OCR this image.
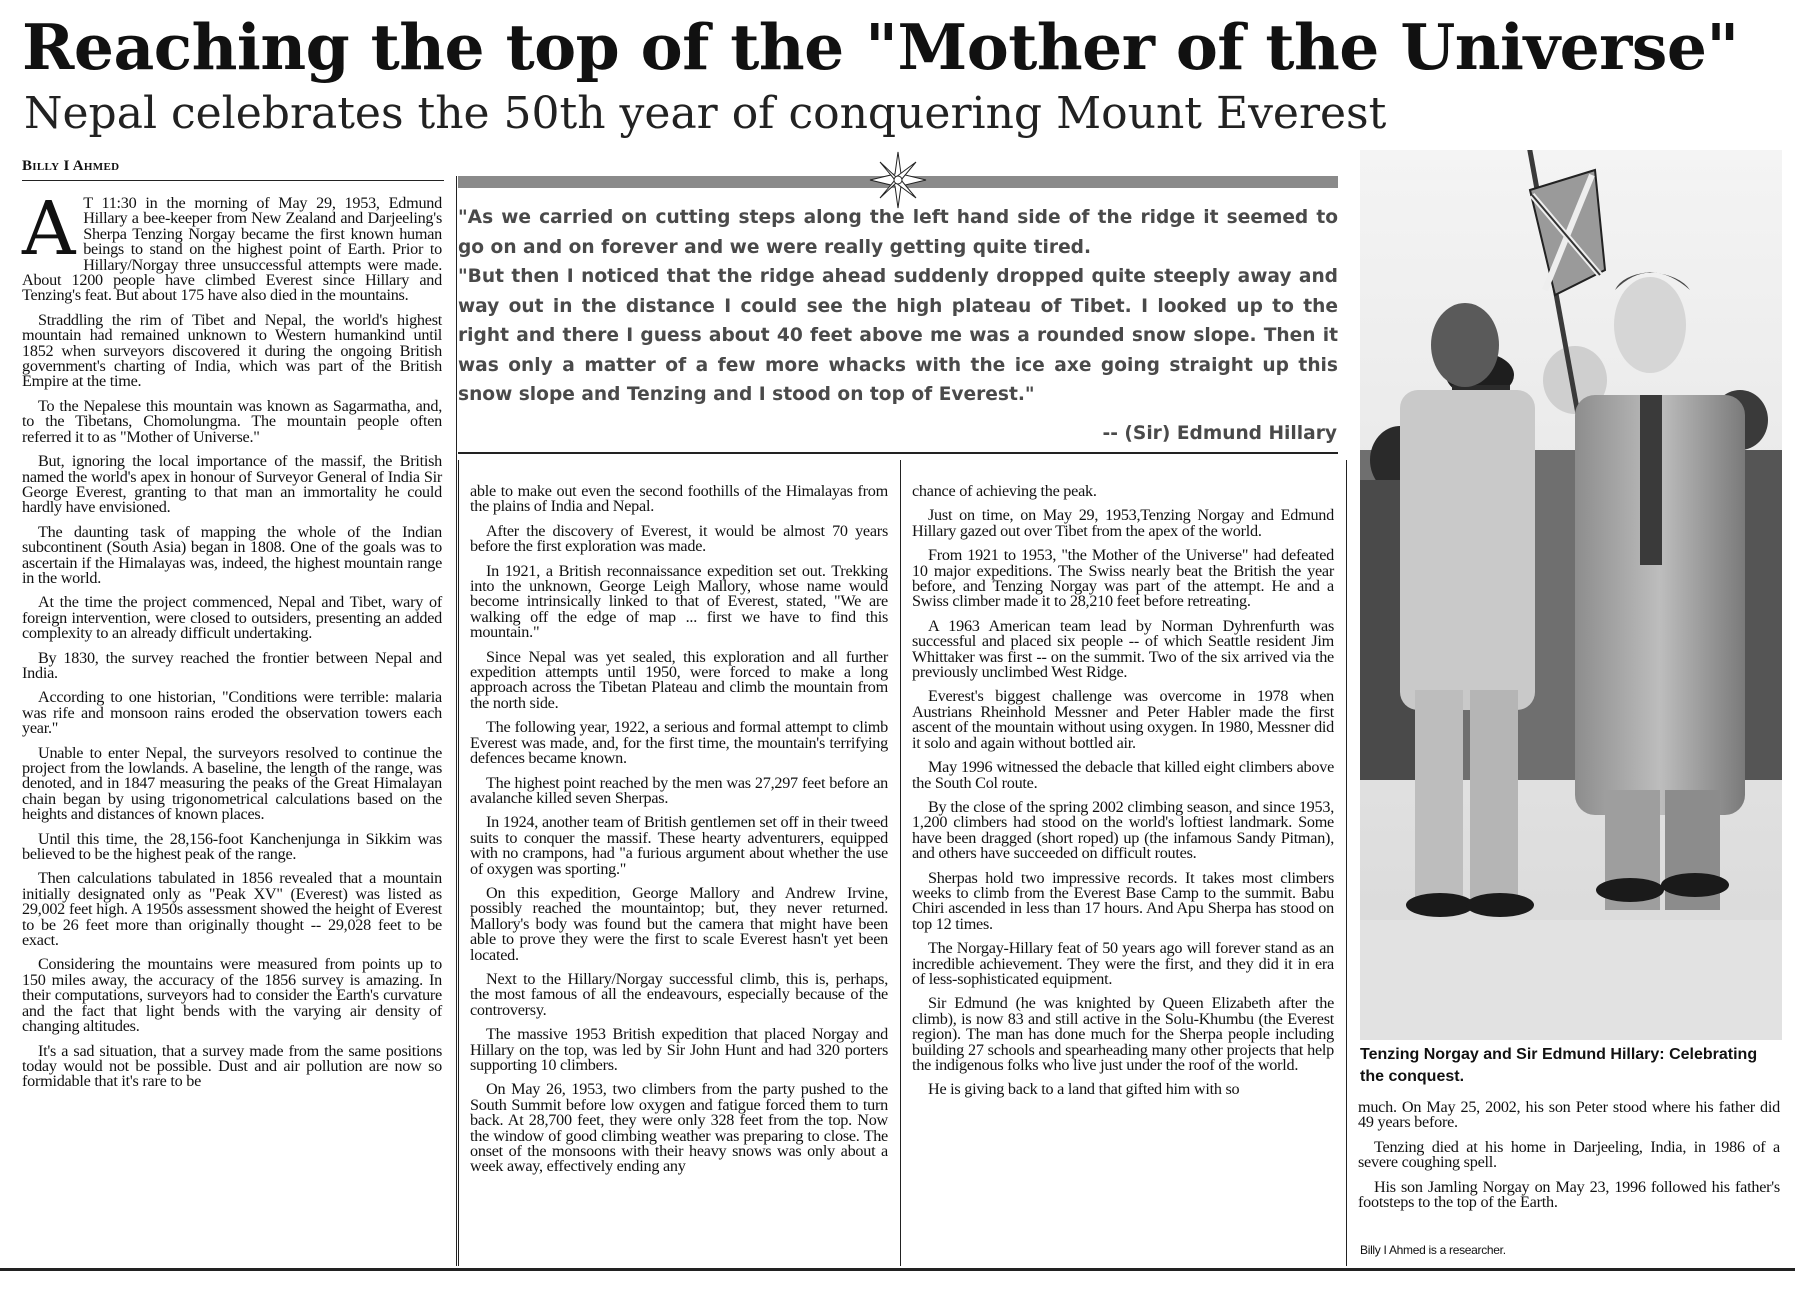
Reaching the top of the "Mother of the Universe"
Nepal celebrates the 50th year of conquering Mount Everest
Billy I Ahmed

"As we carried on cutting steps along the left hand side of the ridge it seemed to go on and on forever and we were really getting quite tired.

"But then I noticed that the ridge ahead suddenly dropped quite steeply away and way out in the distance I could see the high plateau of Tibet. I looked up to the right and there I guess about 40 feet above me was a rounded snow slope. Then it was only a matter of a few more whacks with the ice axe going straight up this snow slope and Tenzing and I stood on top of Everest."

-- (Sir) Edmund Hillary

A T 11:30 in the morning of May 29, 1953, Edmund Hillary a bee-keeper from New Zealand and Darjeeling's Sherpa Tenzing Norgay became the first known human beings to stand on the highest point of Earth. Prior to Hillary/Norgay three unsuccessful attempts were made. About 1200 people have climbed Everest since Hillary and Tenzing's feat. But about 175 have also died in the mountains.

Straddling the rim of Tibet and Nepal, the world's highest mountain had remained unknown to Western humankind until 1852 when surveyors discovered it during the ongoing British government's charting of India, which was part of the British Empire at the time.

To the Nepalese this mountain was known as Sagarmatha, and, to the Tibetans, Chomolungma. The mountain people often referred it to as "Mother of Universe."

But, ignoring the local importance of the massif, the British named the world's apex in honour of Surveyor General of India Sir George Everest, granting to that man an immortality he could hardly have envisioned.

The daunting task of mapping the whole of the Indian subcontinent (South Asia) began in 1808. One of the goals was to ascertain if the Himalayas was, indeed, the highest mountain range in the world.

At the time the project commenced, Nepal and Tibet, wary of foreign intervention, were closed to outsiders, presenting an added complexity to an already difficult undertaking.

By 1830, the survey reached the frontier between Nepal and India.

According to one historian, "Conditions were terrible: malaria was rife and monsoon rains eroded the observation towers each year."

Unable to enter Nepal, the surveyors resolved to continue the project from the lowlands. A baseline, the length of the range, was denoted, and in 1847 measuring the peaks of the Great Himalayan chain began by using trigonometrical calculations based on the heights and distances of known places.

Until this time, the 28,156-foot Kanchenjunga in Sikkim was believed to be the highest peak of the range.

Then calculations tabulated in 1856 revealed that a mountain initially designated only as "Peak XV" (Everest) was listed as 29,002 feet high. A 1950s assessment showed the height of Everest to be 26 feet more than originally thought -- 29,028 feet to be exact.

Considering the mountains were measured from points up to 150 miles away, the accuracy of the 1856 survey is amazing. In their computations, surveyors had to consider the Earth's curvature and the fact that light bends with the varying air density of changing altitudes.

It's a sad situation, that a survey made from the same positions today would not be possible. Dust and air pollution are now so formidable that it's rare to be

able to make out even the second foothills of the Himalayas from the plains of India and Nepal.

After the discovery of Everest, it would be almost 70 years before the first exploration was made.

In 1921, a British reconnaissance expedition set out. Trekking into the unknown, George Leigh Mallory, whose name would become intrinsically linked to that of Everest, stated, "We are walking off the edge of map ... first we have to find this mountain."

Since Nepal was yet sealed, this exploration and all further expedition attempts until 1950, were forced to make a long approach across the Tibetan Plateau and climb the mountain from the north side.

The following year, 1922, a serious and formal attempt to climb Everest was made, and, for the first time, the mountain's terrifying defences became known.

The highest point reached by the men was 27,297 feet before an avalanche killed seven Sherpas.

In 1924, another team of British gentlemen set off in their tweed suits to conquer the massif. These hearty adventurers, equipped with no crampons, had "a furious argument about whether the use of oxygen was sporting."

On this expedition, George Mallory and Andrew Irvine, possibly reached the mountaintop; but, they never returned. Mallory's body was found but the camera that might have been able to prove they were the first to scale Everest hasn't yet been located.

Next to the Hillary/Norgay successful climb, this is, perhaps, the most famous of all the endeavours, especially because of the controversy.

The massive 1953 British expedition that placed Norgay and Hillary on the top, was led by Sir John Hunt and had 320 porters supporting 10 climbers.

On May 26, 1953, two climbers from the party pushed to the South Summit before low oxygen and fatigue forced them to turn back. At 28,700 feet, they were only 328 feet from the top. Now the window of good climbing weather was preparing to close. The onset of the monsoons with their heavy snows was only about a week away, effectively ending any

chance of achieving the peak.

Just on time, on May 29, 1953,Tenzing Norgay and Edmund Hillary gazed out over Tibet from the apex of the world.

From 1921 to 1953, "the Mother of the Universe" had defeated 10 major expeditions. The Swiss nearly beat the British the year before, and Tenzing Norgay was part of the attempt. He and a Swiss climber made it to 28,210 feet before retreating.

A 1963 American team lead by Norman Dyhrenfurth was successful and placed six people -- of which Seattle resident Jim Whittaker was first -- on the summit. Two of the six arrived via the previously unclimbed West Ridge.

Everest's biggest challenge was overcome in 1978 when Austrians Rheinhold Messner and Peter Habler made the first ascent of the mountain without using oxygen. In 1980, Messner did it solo and again without bottled air.

May 1996 witnessed the debacle that killed eight climbers above the South Col route.

By the close of the spring 2002 climbing season, and since 1953, 1,200 climbers had stood on the world's loftiest landmark. Some have been dragged (short roped) up (the infamous Sandy Pitman), and others have succeeded on difficult routes.

Sherpas hold two impressive records. It takes most climbers weeks to climb from the Everest Base Camp to the summit. Babu Chiri ascended in less than 17 hours. And Apu Sherpa has stood on top 12 times.

The Norgay-Hillary feat of 50 years ago will forever stand as an incredible achievement. They were the first, and they did it in era of less-sophisticated equipment.

Sir Edmund (he was knighted by Queen Elizabeth after the climb), is now 83 and still active in the Solu-Khumbu (the Everest region). The man has done much for the Sherpa people including building 27 schools and spearheading many other projects that help the indigenous folks who live just under the roof of the world.

He is giving back to a land that gifted him with so

Tenzing Norgay and Sir Edmund Hillary: Celebrating the conquest.

much. On May 25, 2002, his son Peter stood where his father did 49 years before.

Tenzing died at his home in Darjeeling, India, in 1986 of a severe coughing spell.

His son Jamling Norgay on May 23, 1996 followed his father's footsteps to the top of the Earth.

Billy I Ahmed is a researcher.
